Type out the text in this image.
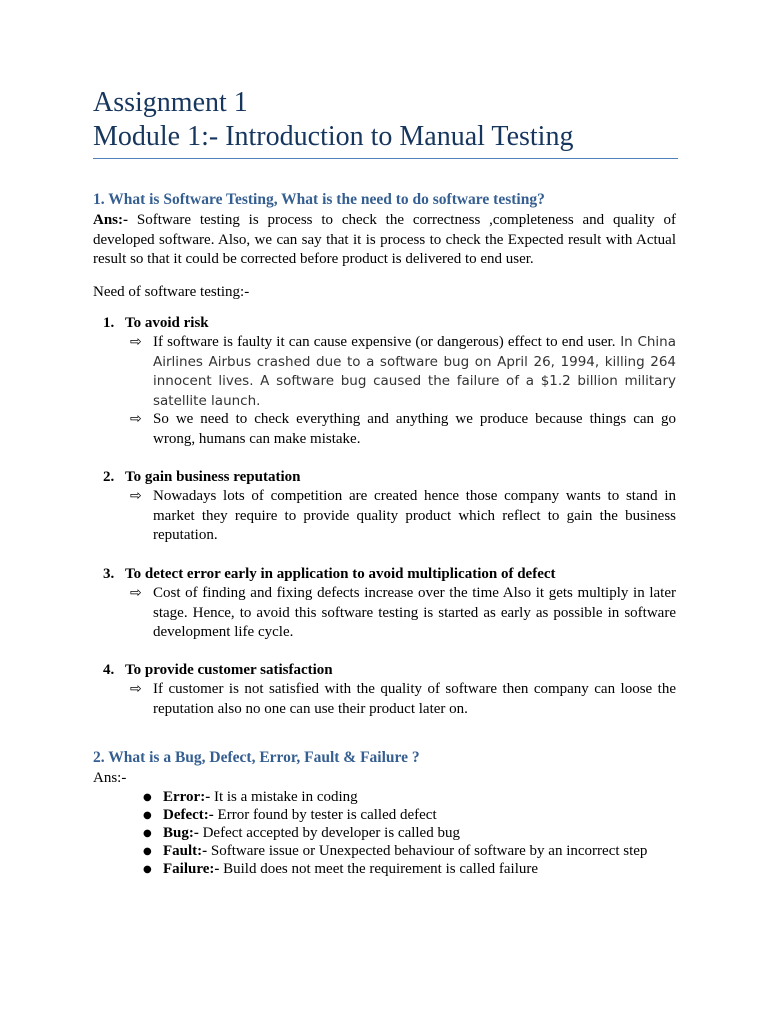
Assignment 1
Module 1:- Introduction to Manual Testing
1. What is Software Testing, What is the need to do software testing?
Ans:- Software testing is process to check the correctness ,completeness and quality of developed software. Also, we can say that it is process to check the Expected result with Actual result so that it could be corrected before product is delivered to end user.
Need of software testing:-
1. To avoid risk
⇨ If software is faulty it can cause expensive (or dangerous) effect to end user. In China Airlines Airbus crashed due to a software bug on April 26, 1994, killing 264 innocent lives. A software bug caused the failure of a $1.2 billion military satellite launch.
⇨ So we need to check everything and anything we produce because things can go wrong, humans can make mistake.
2. To gain business reputation
⇨ Nowadays lots of competition are created hence those company wants to stand in market they require to provide quality product which reflect to gain the business reputation.
3. To detect error early in application to avoid multiplication of defect
⇨ Cost of finding and fixing defects increase over the time Also it gets multiply in later stage. Hence, to avoid this software testing is started as early as possible in software development life cycle.
4. To provide customer satisfaction
⇨ If customer is not satisfied with the quality of software then company can loose the reputation also no one can use their product later on.
2. What is a Bug, Defect, Error, Fault & Failure ?
Ans:-
● Error:- It is a mistake in coding
● Defect:- Error found by tester is called defect
● Bug:- Defect accepted by developer is called bug
● Fault:- Software issue or Unexpected behaviour of software by an incorrect step
● Failure:- Build does not meet the requirement is called failure
